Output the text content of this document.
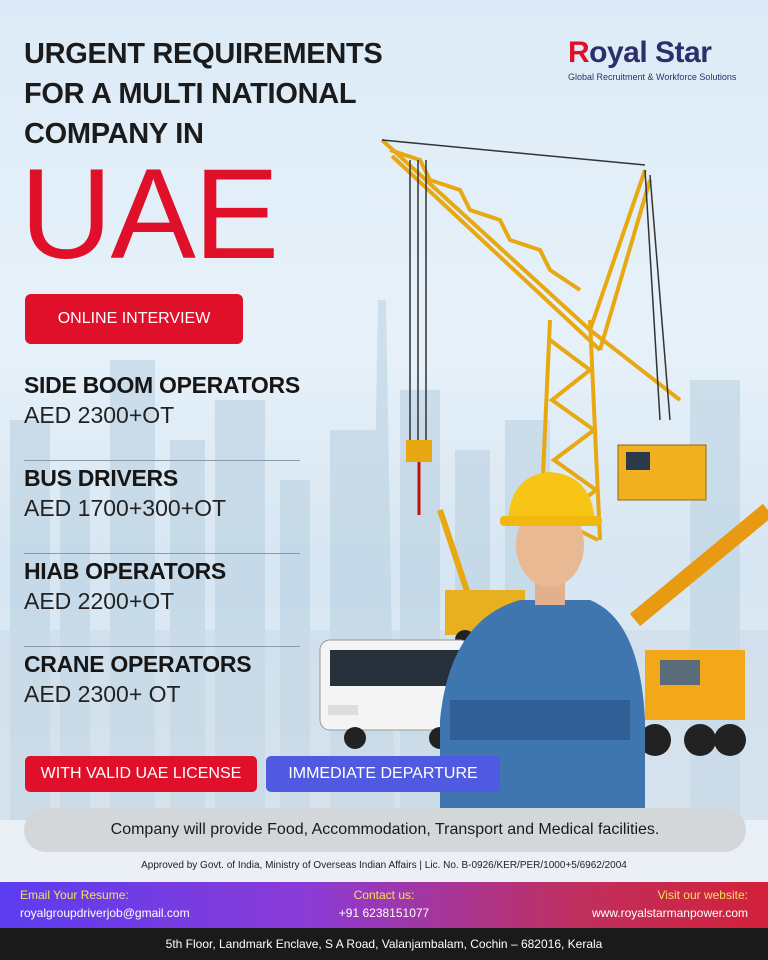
URGENT REQUIREMENTS
FOR A MULTI NATIONAL
COMPANY IN
UAE
Royal Star
Global Recruitment & Workforce Solutions
ONLINE INTERVIEW
SIDE BOOM OPERATORS
AED 2300+OT
BUS DRIVERS
AED 1700+300+OT
HIAB OPERATORS
AED 2200+OT
CRANE OPERATORS
AED 2300+ OT
WITH VALID UAE LICENSE	IMMEDIATE DEPARTURE
Company will provide Food, Accommodation, Transport and Medical facilities.
Approved by Govt. of India, Ministry of Overseas Indian Affairs | Lic. No. B-0926/KER/PER/1000+5/6962/2004
Email Your Resume:
royalgroupdriverjob@gmail.com
Contact us:
+91 6238151077
Visit our website:
www.royalstarmanpower.com
5th Floor, Landmark Enclave, S A Road, Valanjambalam, Cochin – 682016, Kerala
